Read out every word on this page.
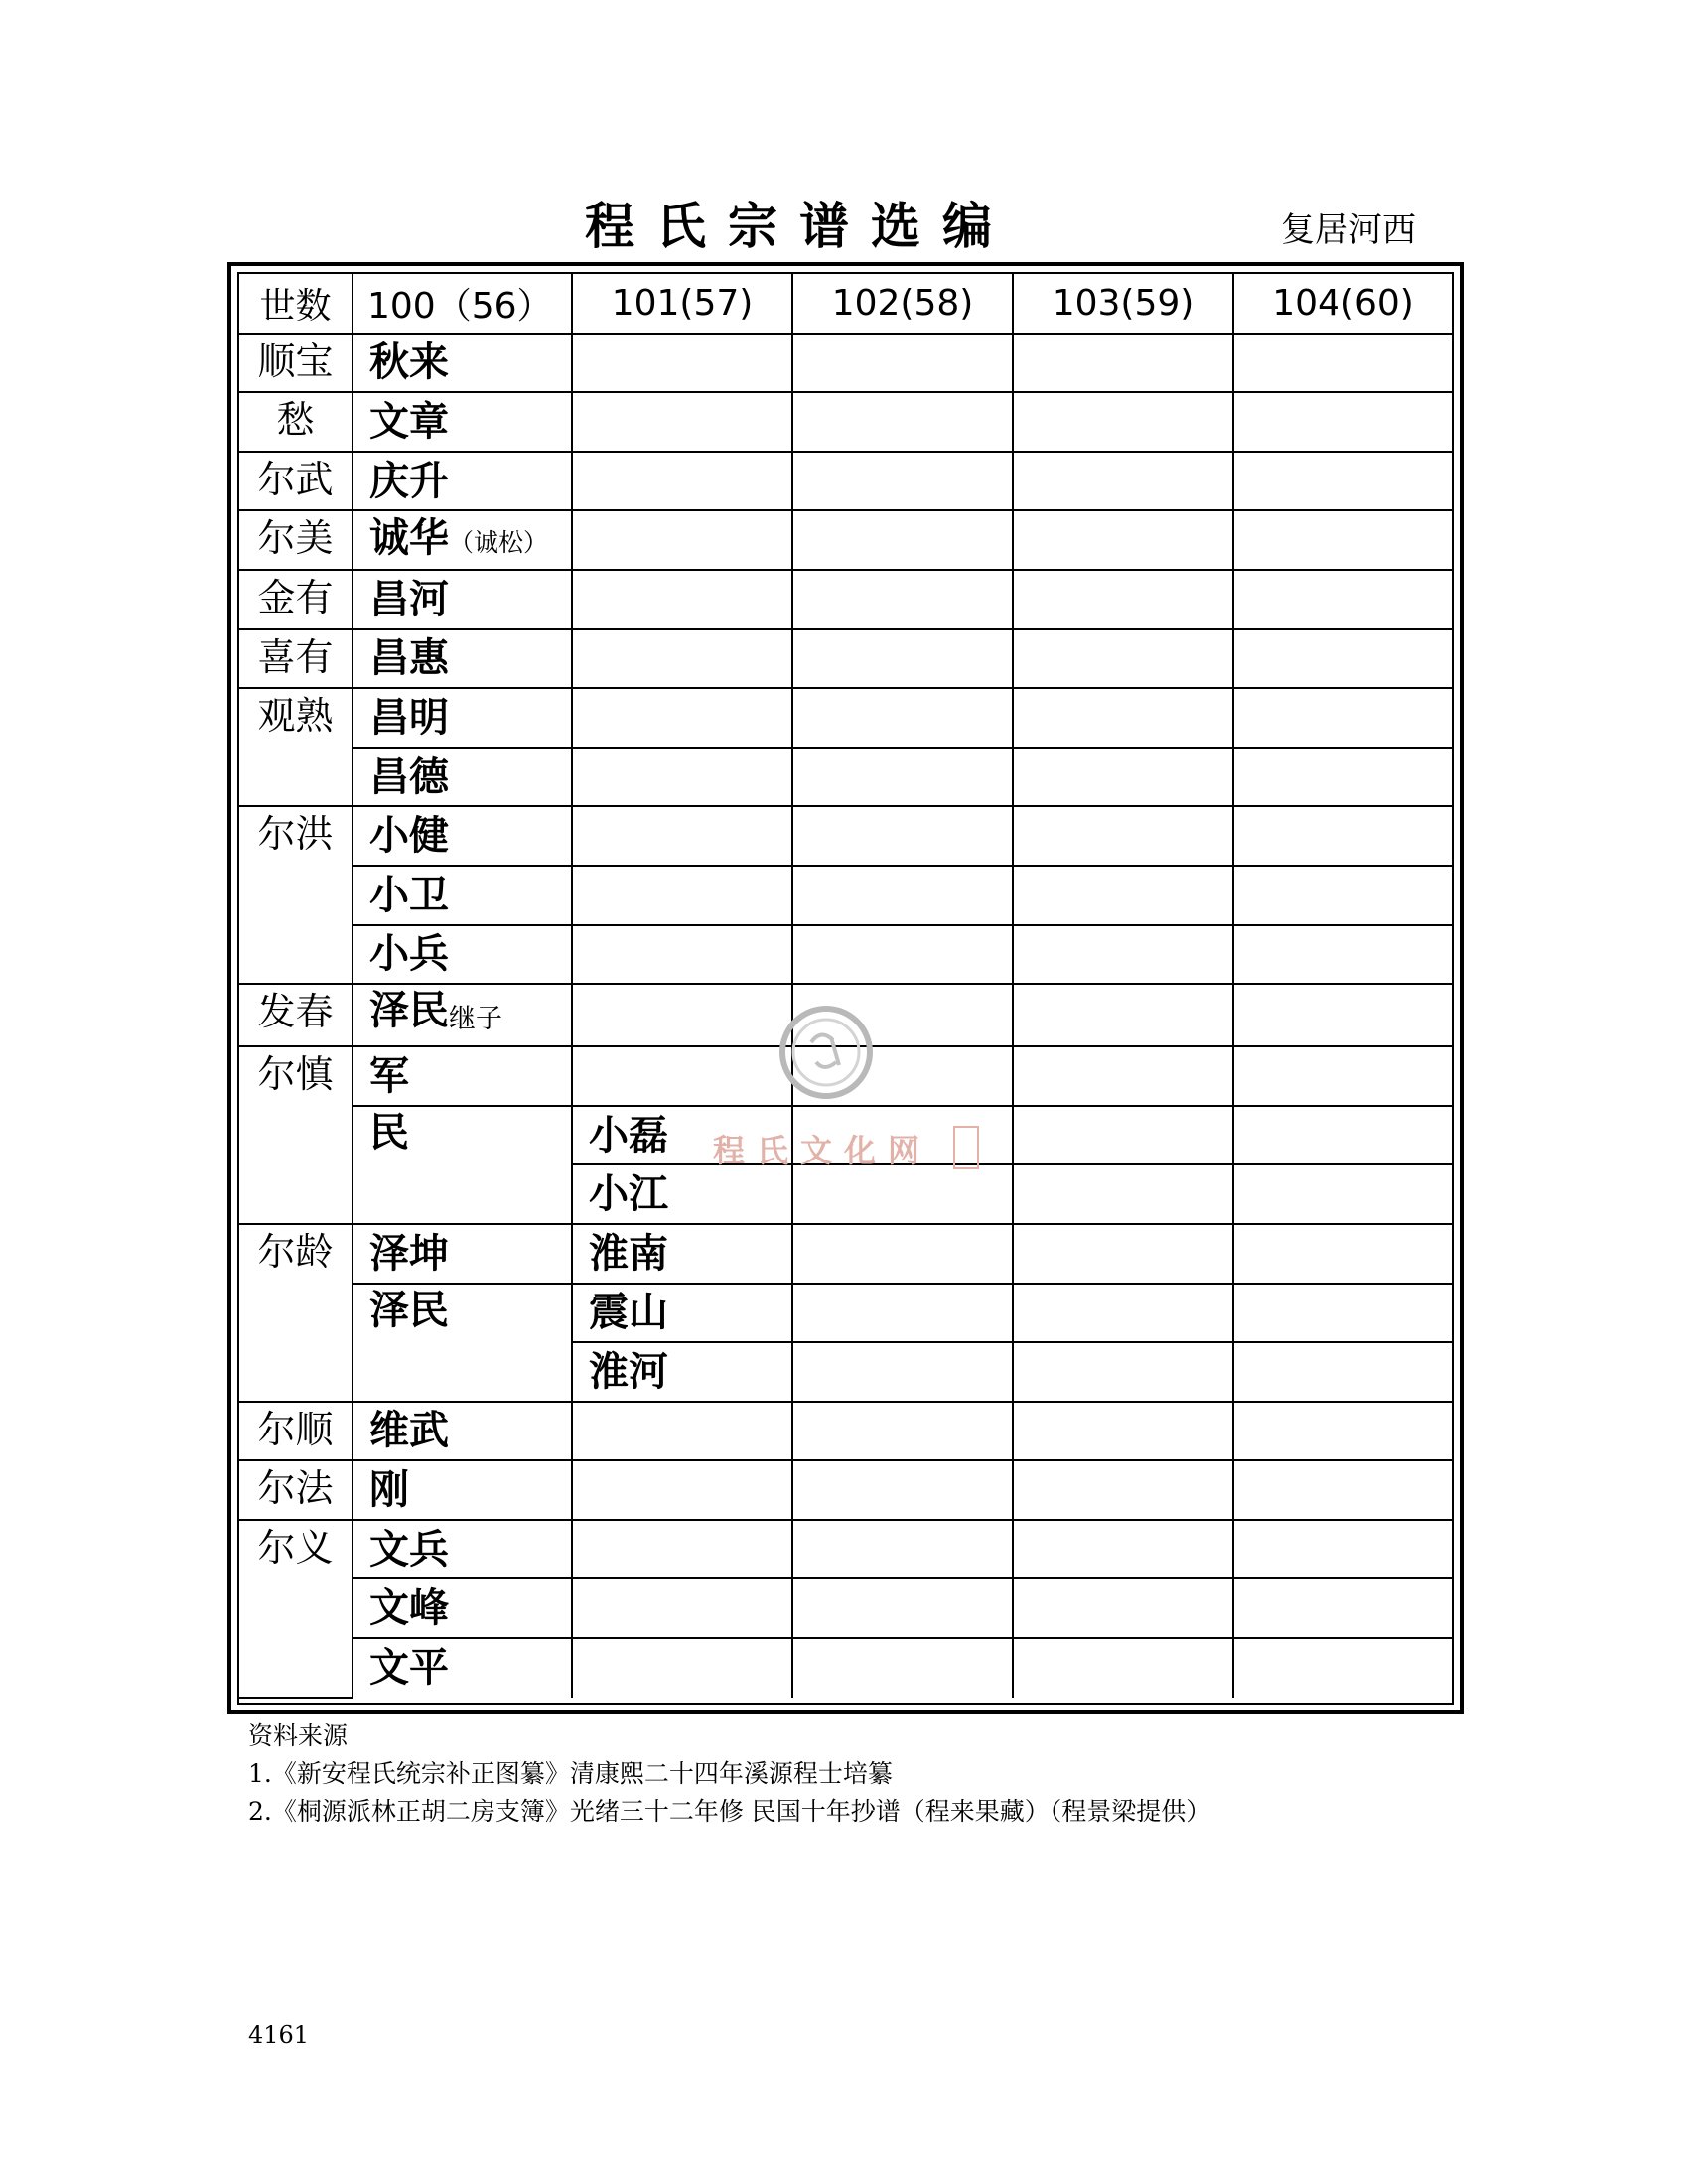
程氏宗谱选编	复居河西
世数	100（56）	101(57)	102(58)	103(59)	104(60)
顺宝	秋来				
愁	文章				
尔武	庆升				
尔美	诚华（诚松）				
金有	昌河				
喜有	昌惠				
观熟	昌明				
	昌德				
尔洪	小健				
	小卫				
	小兵				
发春	泽民继子				
尔慎	军				
	民	小磊			
		小江			
尔龄	泽坤	淮南			
	泽民	震山			
		淮河			
尔顺	维武				
尔法	刚				
尔义	文兵				
	文峰				
	文平				
资料来源
1.《新安程氏统宗补正图纂》清康熙二十四年溪源程士培纂
2.《桐源派林正胡二房支簿》光绪三十二年修 民国十年抄谱（程来果藏）（程景梁提供）
4161
程氏文化网
